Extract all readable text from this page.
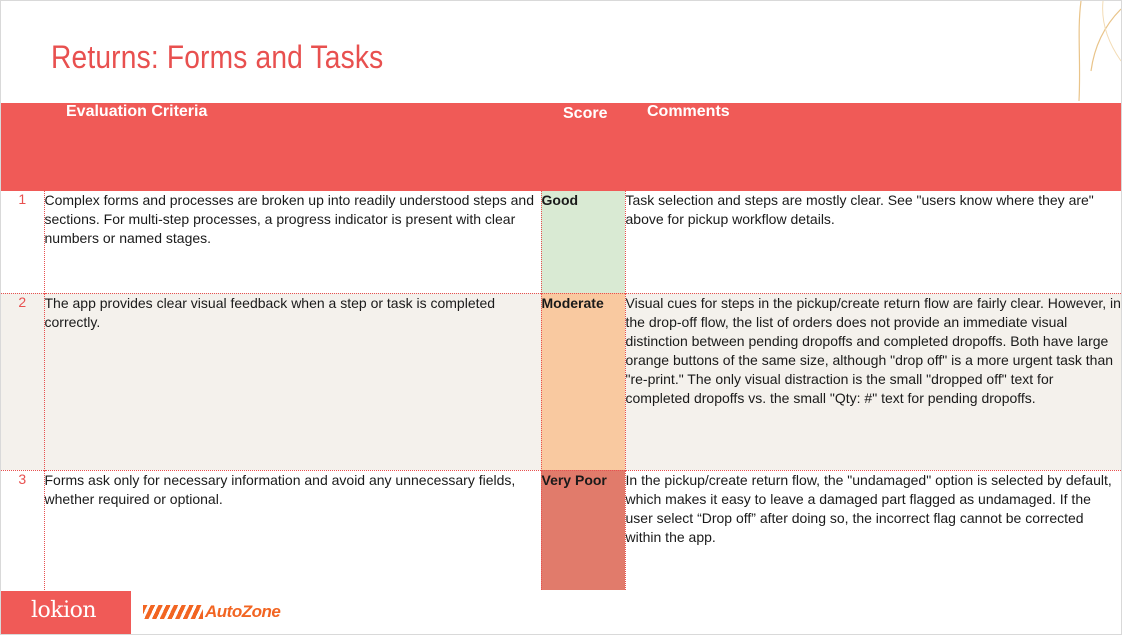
Returns: Forms and Tasks
	Evaluation Criteria	Score	Comments
1	Complex forms and processes are broken up into readily understood steps and sections. For multi-step processes, a progress indicator is present with clear numbers or named stages.	Good	Task selection and steps are mostly clear. See "users know where they are" above for pickup workflow details.
2	The app provides clear visual feedback when a step or task is completed correctly.	Moderate	Visual cues for steps in the pickup/create return flow are fairly clear. However, in the drop-off flow, the list of orders does not provide an immediate visual distinction between pending dropoffs and completed dropoffs. Both have large orange buttons of the same size, although "drop off" is a more urgent task than "re-print." The only visual distraction is the small "dropped off" text for completed dropoffs vs. the small "Qty: #" text for pending dropoffs.
3	Forms ask only for necessary information and avoid any unnecessary fields, whether required or optional.	Very Poor	In the pickup/create return flow, the "undamaged" option is selected by default, which makes it easy to leave a damaged part flagged as undamaged. If the user select “Drop off” after doing so, the incorrect flag cannot be corrected within the app.
lokion	AutoZone
